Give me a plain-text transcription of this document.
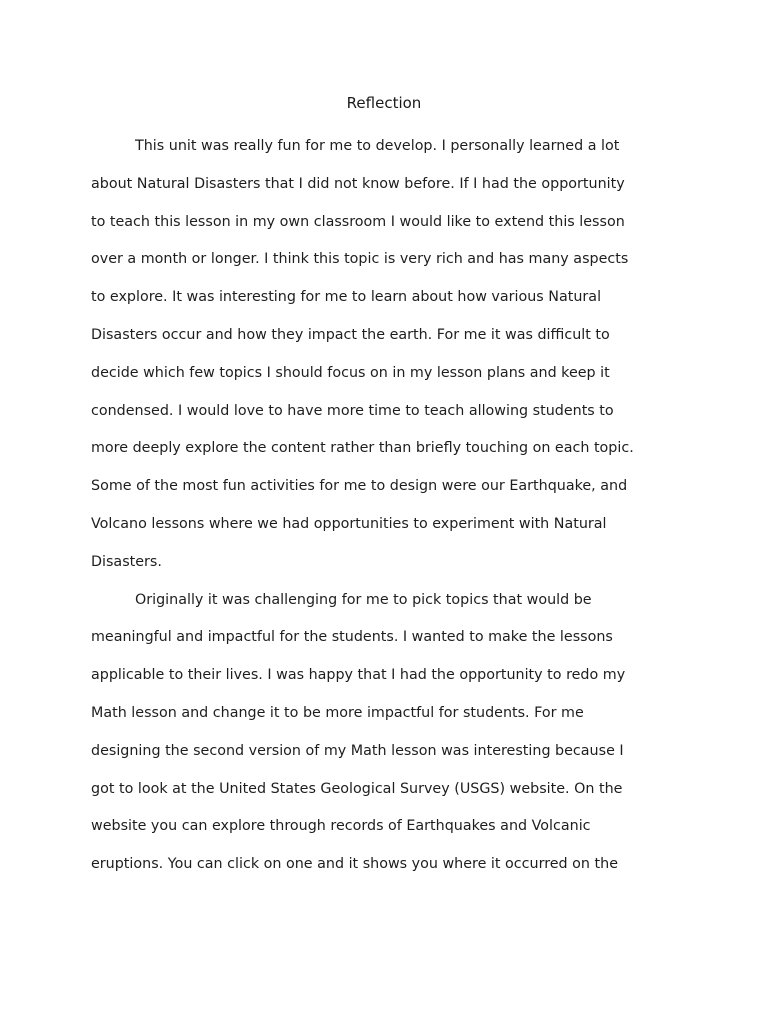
Reflection
This unit was really fun for me to develop. I personally learned a lot
about Natural Disasters that I did not know before. If I had the opportunity
to teach this lesson in my own classroom I would like to extend this lesson
over a month or longer. I think this topic is very rich and has many aspects
to explore. It was interesting for me to learn about how various Natural
Disasters occur and how they impact the earth. For me it was difficult to
decide which few topics I should focus on in my lesson plans and keep it
condensed. I would love to have more time to teach allowing students to
more deeply explore the content rather than briefly touching on each topic.
Some of the most fun activities for me to design were our Earthquake, and
Volcano lessons where we had opportunities to experiment with Natural
Disasters.
Originally it was challenging for me to pick topics that would be
meaningful and impactful for the students. I wanted to make the lessons
applicable to their lives. I was happy that I had the opportunity to redo my
Math lesson and change it to be more impactful for students. For me
designing the second version of my Math lesson was interesting because I
got to look at the United States Geological Survey (USGS) website. On the
website you can explore through records of Earthquakes and Volcanic
eruptions. You can click on one and it shows you where it occurred on the
